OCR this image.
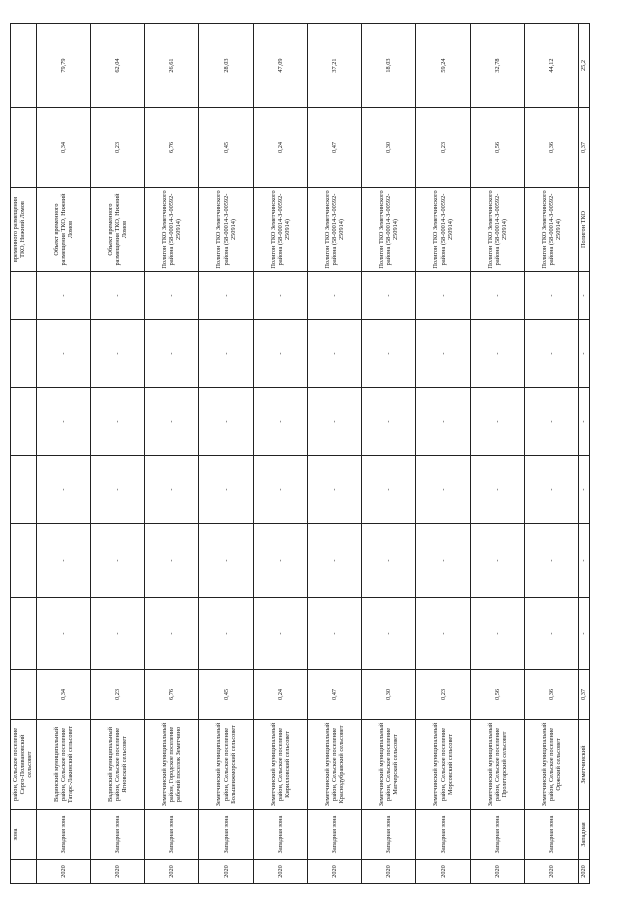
	зона	район, Сельское поселение Серго-Поливановский сельсовет								временного размещения ТКО, Нижний Ломов		
2020	Западная зона	Вадинский муниципальный район, Сельское поселение Татарс-Лакинский сельсовет	0,34	-	-	-	-	-	-	Объект временного размещения ТКО, Нижний Ломов	0,34	79,79
2020	Западная зона	Вадинский муниципальный район, Сельское поселение Ягновский сельсовет	0,23	-	-	-	-	-	-	Объект временного размещения ТКО, Нижний Ломов	0,23	62,04
2020	Западная зона	Земетчинский муниципальный район, Городское поселение рабочий поселок Земетчино	6,76	-	-	-	-	-	-	Полигон ТКО Земетчинского района (58-00014-З-00592-250914)	6,76	26,61
2020	Западная зона	Земетчинский муниципальный район, Сельское поселение Большеижморский сельсовет	0,45	-	-	-	-	-	-	Полигон ТКО Земетчинского района (58-00014-З-00592-250914)	0,45	28,03
2020	Западная зона	Земетчинский муниципальный район, Сельское поселение Кирилловский сельсовет	0,24	-	-	-	-	-	-	Полигон ТКО Земетчинского района (58-00014-З-00592-250914)	0,24	47,09
2020	Западная зона	Земетчинский муниципальный район, Сельское поселение Краснодубравский сельсовет	0,47	-	-	-	-	-	-	Полигон ТКО Земетчинского района (58-00014-З-00592-250914)	0,47	37,21
2020	Западная зона	Земетчинский муниципальный район, Сельское поселение Матчерский сельсовет	0,30	-	-	-	-	-	-	Полигон ТКО Земетчинского района (58-00014-З-00592-250914)	0,30	18,03
2020	Западная зона	Земетчинский муниципальный район, Сельское поселение Морсовский сельсовет	0,23	-	-	-	-	-	-	Полигон ТКО Земетчинского района (58-00014-З-00592-250914)	0,23	59,24
2020	Западная зона	Земетчинский муниципальный район, Сельское поселение Пролетарский сельсовет	0,56	-	-	-	-	-	-	Полигон ТКО Земетчинского района (58-00014-З-00592-250914)	0,56	32,78
2020	Западная зона	Земетчинский муниципальный район, Сельское поселение Оржский сельсовет	0,36	-	-	-	-	-	-	Полигон ТКО Земетчинского района (58-00014-З-00592-250914)	0,36	44,12
2020	Западная	Земетчинский	0,37	-	-	-	-	-	-	Полигон ТКО	0,37	25,2
